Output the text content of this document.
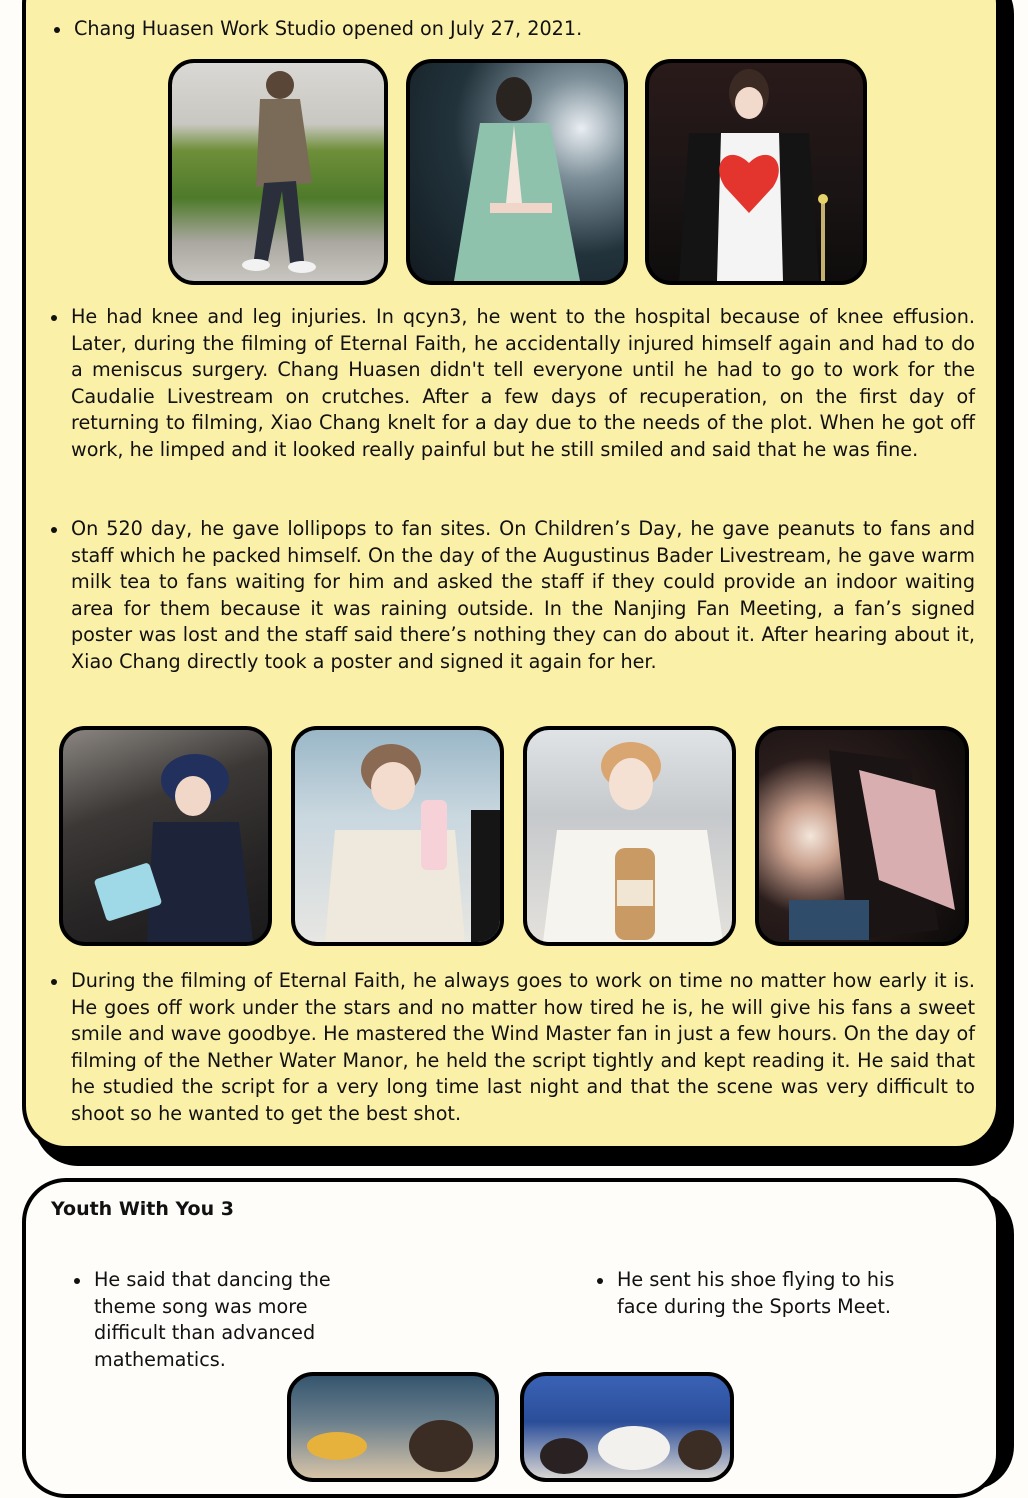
Chang Huasen Work Studio opened on July 27, 2021.
He had knee and leg injuries. In qcyn3, he went to the hospital because of knee effusion. Later, during the filming of Eternal Faith, he accidentally injured himself again and had to do a meniscus surgery. Chang Huasen didn't tell everyone until he had to go to work for the Caudalie Livestream on crutches. After a few days of recuperation, on the first day of returning to filming, Xiao Chang knelt for a day due to the needs of the plot. When he got off work, he limped and it looked really painful but he still smiled and said that he was fine.
On 520 day, he gave lollipops to fan sites. On Children’s Day, he gave peanuts to fans and staff which he packed himself. On the day of the Augustinus Bader Livestream, he gave warm milk tea to fans waiting for him and asked the staff if they could provide an indoor waiting area for them because it was raining outside. In the Nanjing Fan Meeting, a fan’s signed poster was lost and the staff said there’s nothing they can do about it. After hearing about it, Xiao Chang directly took a poster and signed it again for her.
During the filming of Eternal Faith, he always goes to work on time no matter how early it is. He goes off work under the stars and no matter how tired he is, he will give his fans a sweet smile and wave goodbye. He mastered the Wind Master fan in just a few hours. On the day of filming of the Nether Water Manor, he held the script tightly and kept reading it. He said that he studied the script for a very long time last night and that the scene was very difficult to shoot so he wanted to get the best shot.
Youth With You 3
He said that dancing the theme song was more difficult than advanced mathematics.
He sent his shoe flying to his face during the Sports Meet.
